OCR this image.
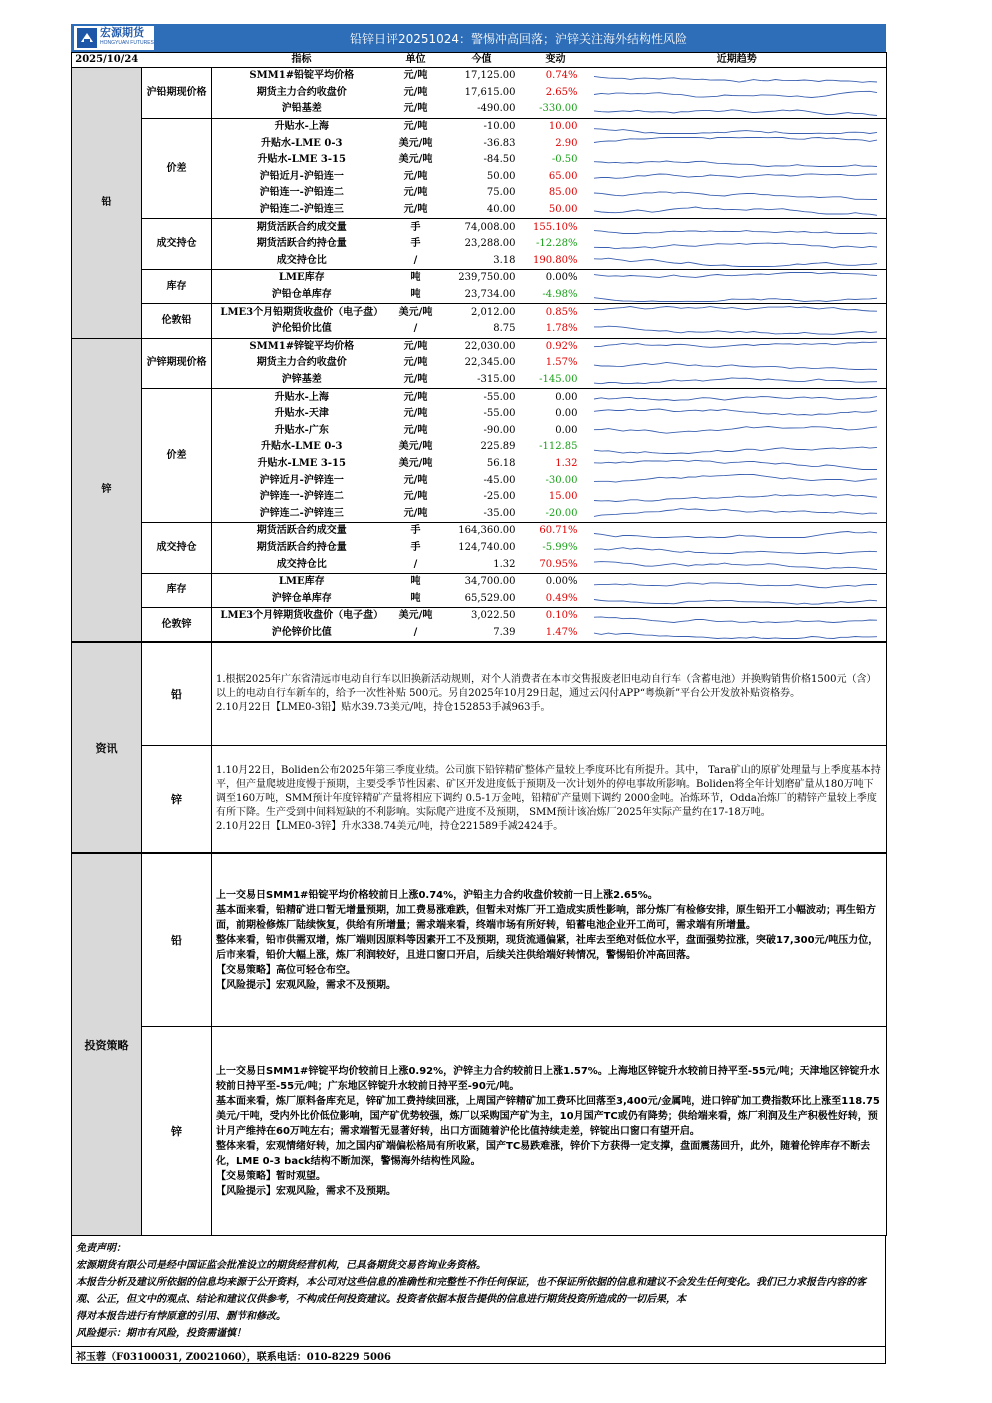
宏源期货
HONGYUAN FUTURES	铅锌日评20251024：警惕冲高回落；沪锌关注海外结构性风险
2025/10/24		指标	单位	今值	变动	近期趋势
铅	沪铅期现价格	SMM1#铅锭平均价格	元/吨	17,125.00	0.74%	

		期货主力合约收盘价	元/吨	17,615.00	2.65%	

		沪铅基差	元/吨	-490.00	-330.00	

	价差	升贴水-上海	元/吨	-10.00	10.00	

		升贴水-LME 0-3	美元/吨	-36.83	2.90	

		升贴水-LME 3-15	美元/吨	-84.50	-0.50	

		沪铅近月-沪铅连一	元/吨	50.00	65.00	

		沪铅连一-沪铅连二	元/吨	75.00	85.00	

		沪铅连二-沪铅连三	元/吨	40.00	50.00	

	成交持仓	期货活跃合约成交量	手	74,008.00	155.10%	

		期货活跃合约持仓量	手	23,288.00	-12.28%	

		成交持仓比	/	3.18	190.80%	

	库存	LME库存	吨	239,750.00	0.00%	

		沪铅仓单库存	吨	23,734.00	-4.98%	

	伦敦铅	LME3个月铅期货收盘价（电子盘）	美元/吨	2,012.00	0.85%	

		沪伦铅价比值	/	8.75	1.78%	

锌	沪锌期现价格	SMM1#锌锭平均价格	元/吨	22,030.00	0.92%	

		期货主力合约收盘价	元/吨	22,345.00	1.57%	

		沪锌基差	元/吨	-315.00	-145.00	

	价差	升贴水-上海	元/吨	-55.00	0.00	

		升贴水-天津	元/吨	-55.00	0.00	

		升贴水-广东	元/吨	-90.00	0.00	

		升贴水-LME 0-3	美元/吨	225.89	-112.85	

		升贴水-LME 3-15	美元/吨	56.18	1.32	

		沪锌近月-沪锌连一	元/吨	-45.00	-30.00	

		沪锌连一-沪锌连二	元/吨	-25.00	15.00	

		沪锌连二-沪锌连三	元/吨	-35.00	-20.00	

	成交持仓	期货活跃合约成交量	手	164,360.00	60.71%	

		期货活跃合约持仓量	手	124,740.00	-5.99%	

		成交持仓比	/	1.32	70.95%	

	库存	LME库存	吨	34,700.00	0.00%	

		沪锌仓单库存	吨	65,529.00	0.49%	

	伦敦锌	LME3个月锌期货收盘价（电子盘）	美元/吨	3,022.50	0.10%	

		沪伦锌价比值	/	7.39	1.47%	
资讯	铅	1.根据2025年广东省清远市电动自行车以旧换新活动规则，对个人消费者在本市交售报废老旧电动自行车（含蓄电池）并换购销售价格1500元（含）以上的电动自行车新车的，给予一次性补贴 500元。另自2025年10月29日起，通过云闪付APP“粤焕新”平台公开发放补贴资格券。

2.10月22日【LME0-3铅】贴水39.73美元/吨，持仓152853手减963手。

	锌	1.10月22日，Boliden公布2025年第三季度业绩。公司旗下铅锌精矿整体产量较上季度环比有所提升。其中， Tara矿山的原矿处理量与上季度基本持平，但产量爬坡进度慢于预期，主要受季节性因素、矿区开发进度低于预期及一次计划外的停电事故所影响。Boliden将全年计划磨矿量从180万吨下调至160万吨，SMM预计年度锌精矿产量将相应下调约 0.5-1万金吨，铅精矿产量则下调约 2000金吨。冶炼环节，Odda冶炼厂的精锌产量较上季度有所下降。生产受到中间料短缺的不利影响。实际爬产进度不及预期， SMM预计该冶炼厂2025年实际产量约在17-18万吨。

2.10月22日【LME0-3锌】升水338.74美元/吨，持仓221589手减2424手。

投资策略	铅	上一交易日SMM1#铅锭平均价格较前日上涨0.74%，沪铅主力合约收盘价较前一日上涨2.65%。

基本面来看，铅精矿进口暂无增量预期，加工费易涨难跌，但暂未对炼厂开工造成实质性影响，部分炼厂有检修安排，原生铅开工小幅波动；再生铅方面，前期检修炼厂陆续恢复，供给有所增量；需求端来看，终端市场有所好转，铅蓄电池企业开工尚可，需求端有所增量。

整体来看，铅市供需双增，炼厂端则因原料等因素开工不及预期，现货流通偏紧，社库去至绝对低位水平，盘面强势拉涨，突破17,300元/吨压力位，后市来看，铅价大幅上涨，炼厂利润较好，且进口窗口开启，后续关注供给端好转情况，警惕铅价冲高回落。

【交易策略】高位可轻仓布空。

【风险提示】宏观风险，需求不及预期。

	锌	上一交易日SMM1#锌锭平均价较前日上涨0.92%，沪锌主力合约较前日上涨1.57%。上海地区锌锭升水较前日持平至-55元/吨；天津地区锌锭升水较前日持平至-55元/吨；广东地区锌锭升水较前日持平至-90元/吨。

基本面来看，炼厂原料备库充足，锌矿加工费持续回涨，上周国产锌精矿加工费环比回落至3,400元/金属吨，进口锌矿加工费指数环比上涨至118.75美元/干吨，受内外比价低位影响，国产矿优势较强，炼厂以采购国产矿为主，10月国产TC或仍有降势；供给端来看，炼厂利润及生产积极性好转，预计月产维持在60万吨左右；需求端暂无显著好转，出口方面随着沪伦比值持续走差，锌锭出口窗口有望开启。

整体来看，宏观情绪好转，加之国内矿端偏松格局有所收紧，国产TC易跌难涨，锌价下方获得一定支撑，盘面震荡回升，此外，随着伦锌库存不断去化，LME 0-3 back结构不断加深，警惕海外结构性风险。

【交易策略】暂时观望。

【风险提示】宏观风险，需求不及预期。

免责声明：
宏源期货有限公司是经中国证监会批准设立的期货经营机构，已具备期货交易咨询业务资格。
本报告分析及建议所依据的信息均来源于公开资料，本公司对这些信息的准确性和完整性不作任何保证，也不保证所依据的信息和建议不会发生任何变化。我们已力求报告内容的客观、公正，但文中的观点、结论和建议仅供参考，不构成任何投资建议。投资者依据本报告提供的信息进行期货投资所造成的一切后果，本
得对本报告进行有悖原意的引用、删节和修改。
风险提示：期市有风险，投资需谨慎！
祁玉蓉（F03100031, Z0021060），联系电话：010-8229 5006
